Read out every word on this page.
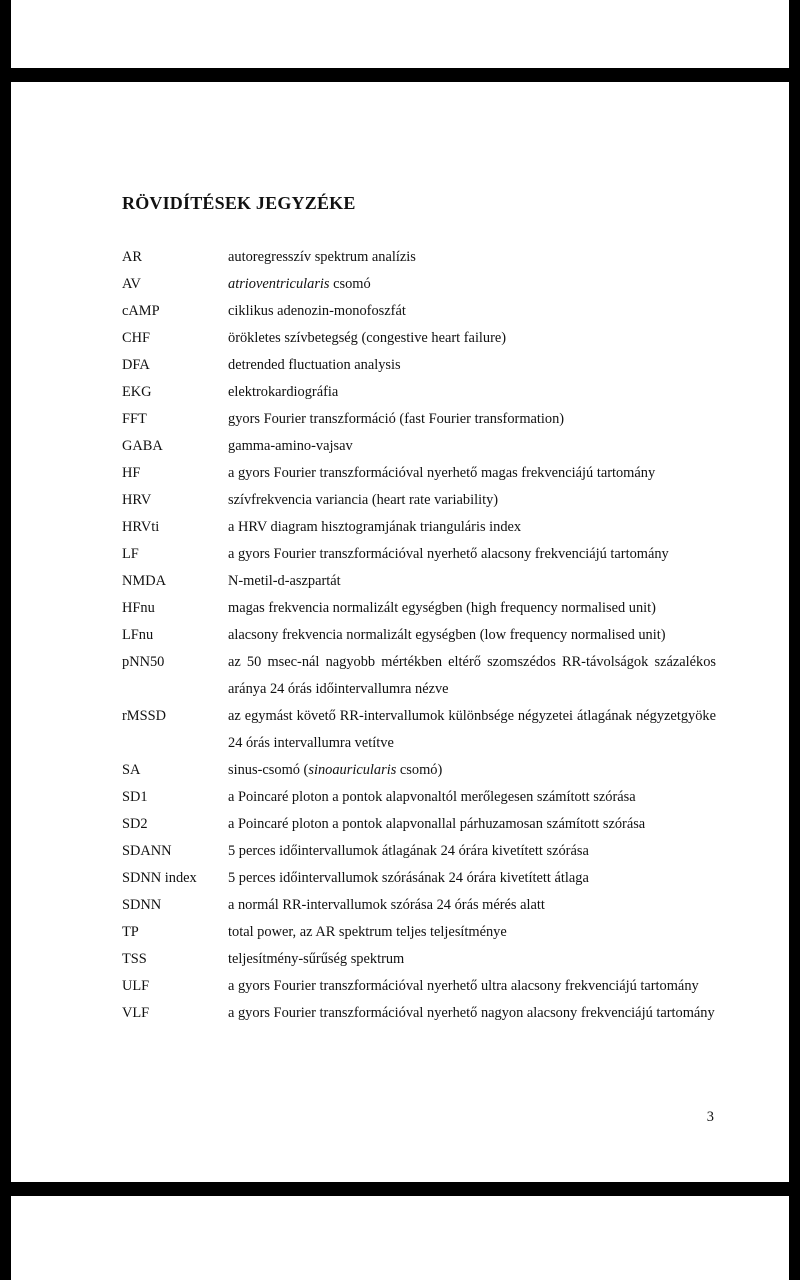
RÖVIDÍTÉSEK JEGYZÉKE
AR	autoregresszív spektrum analízis
AV	atrioventricularis csomó
cAMP	ciklikus adenozin-monofoszfát
CHF	örökletes szívbetegség (congestive heart failure)
DFA	detrended fluctuation analysis
EKG	elektrokardiográfia
FFT	gyors Fourier transzformáció (fast Fourier transformation)
GABA	gamma-amino-vajsav
HF	a gyors Fourier transzformációval nyerhető magas frekvenciájú tartomány
HRV	szívfrekvencia variancia (heart rate variability)
HRVti	a HRV diagram hisztogramjának trianguláris index
LF	a gyors Fourier transzformációval nyerhető alacsony frekvenciájú tartomány
NMDA	N-metil-d-aszpartát
HFnu	magas frekvencia normalizált egységben (high frequency normalised unit)
LFnu	alacsony frekvencia normalizált egységben (low frequency normalised unit)
pNN50	az 50 msec-nál nagyobb mértékben eltérő szomszédos RR-távolságok százalékos aránya 24 órás időintervallumra nézve
rMSSD	az egymást követő RR-intervallumok különbsége négyzetei átlagának négyzetgyöke 24 órás intervallumra vetítve
SA	sinus-csomó (sinoauricularis csomó)
SD1	a Poincaré ploton a pontok alapvonaltól merőlegesen számított szórása
SD2	a Poincaré ploton a pontok alapvonallal párhuzamosan számított szórása
SDANN	5 perces időintervallumok átlagának 24 órára kivetített szórása
SDNN index	5 perces időintervallumok szórásának 24 órára kivetített átlaga
SDNN	a normál RR-intervallumok szórása 24 órás mérés alatt
TP	total power, az AR spektrum teljes teljesítménye
TSS	teljesítmény-sűrűség spektrum
ULF	a gyors Fourier transzformációval nyerhető ultra alacsony frekvenciájú tartomány
VLF	a gyors Fourier transzformációval nyerhető nagyon alacsony frekvenciájú tartomány
3
